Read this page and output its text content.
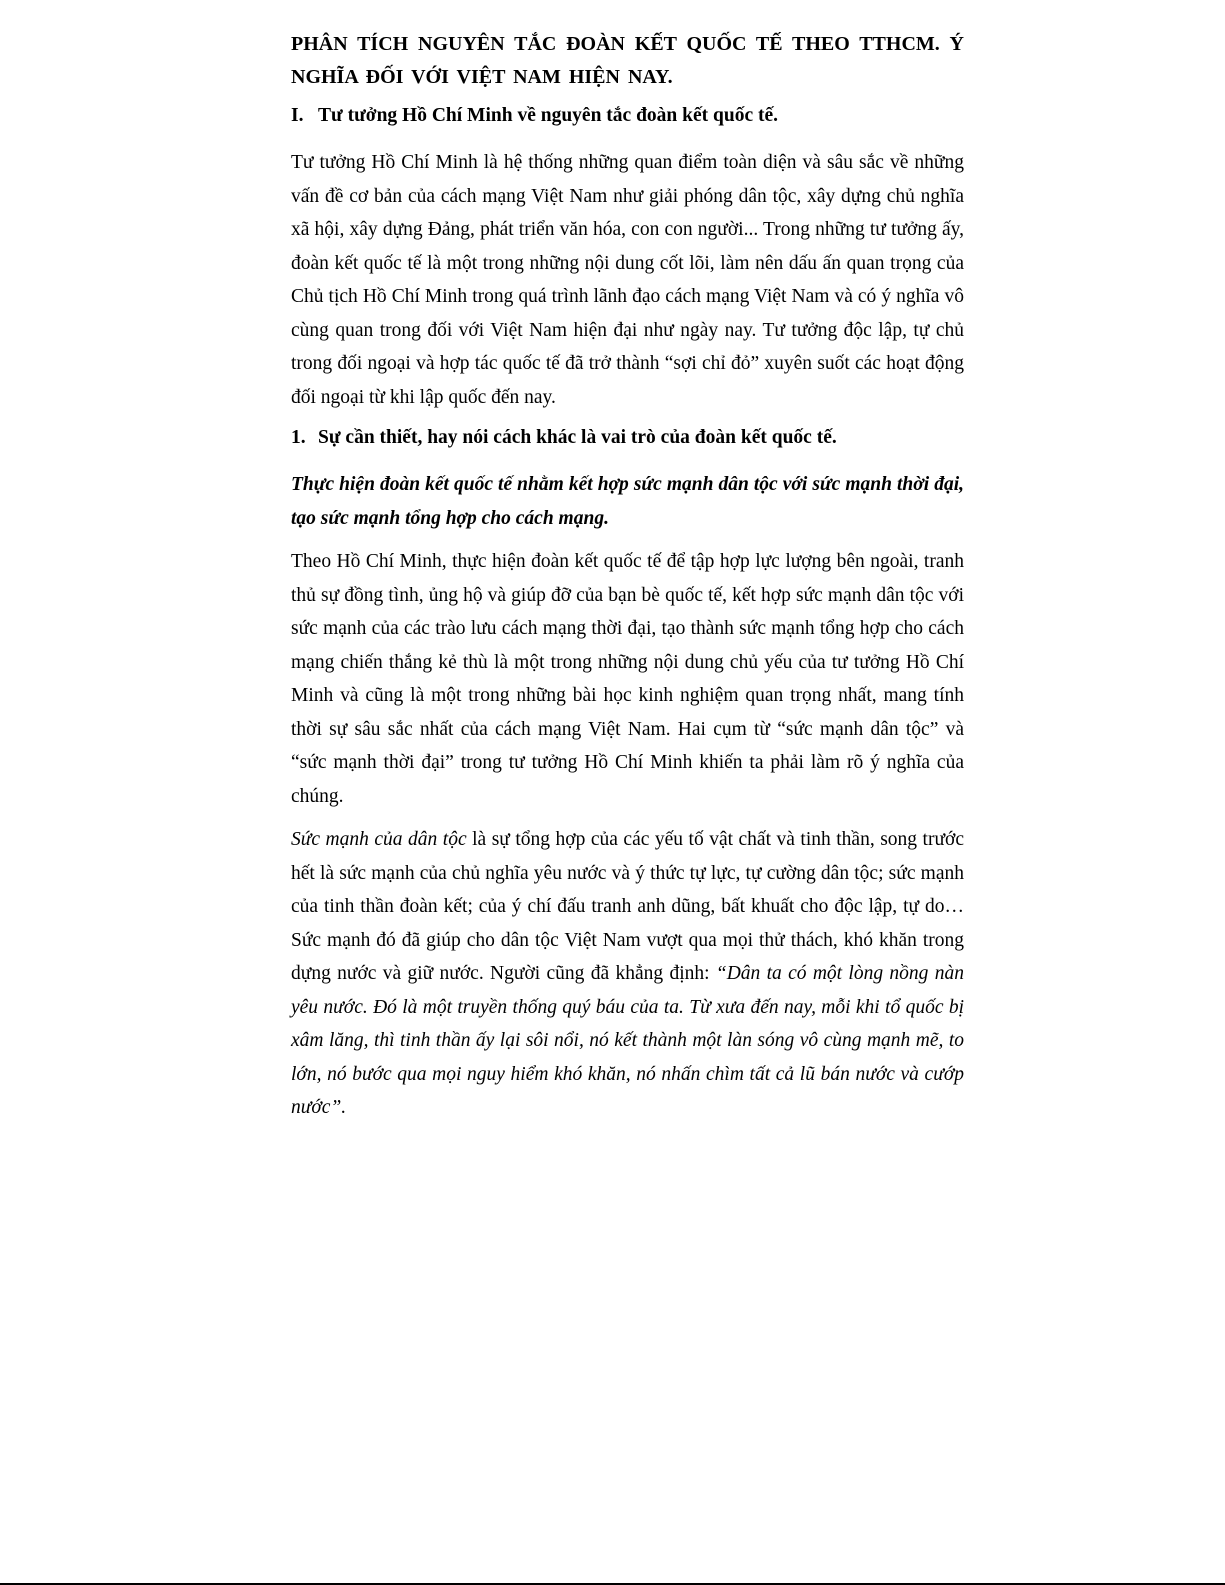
PHÂN TÍCH NGUYÊN TẮC ĐOÀN KẾT QUỐC TẾ THEO TTHCM. Ý NGHĨA ĐỐI VỚI VIỆT NAM HIỆN NAY.
I. Tư tưởng Hồ Chí Minh về nguyên tắc đoàn kết quốc tế.

Tư tưởng Hồ Chí Minh là hệ thống những quan điểm toàn diện và sâu sắc về những vấn đề cơ bản của cách mạng Việt Nam như giải phóng dân tộc, xây dựng chủ nghĩa xã hội, xây dựng Đảng, phát triển văn hóa, con con người... Trong những tư tưởng ấy, đoàn kết quốc tế là một trong những nội dung cốt lõi, làm nên dấu ấn quan trọng của Chủ tịch Hồ Chí Minh trong quá trình lãnh đạo cách mạng Việt Nam và có ý nghĩa vô cùng quan trong đối với Việt Nam hiện đại như ngày nay. Tư tưởng độc lập, tự chủ trong đối ngoại và hợp tác quốc tế đã trở thành “sợi chỉ đỏ” xuyên suốt các hoạt động đối ngoại từ khi lập quốc đến nay.

1. Sự cần thiết, hay nói cách khác là vai trò của đoàn kết quốc tế.

Thực hiện đoàn kết quốc tế nhằm kết hợp sức mạnh dân tộc với sức mạnh thời đại, tạo sức mạnh tổng hợp cho cách mạng.

Theo Hồ Chí Minh, thực hiện đoàn kết quốc tế để tập hợp lực lượng bên ngoài, tranh thủ sự đồng tình, ủng hộ và giúp đỡ của bạn bè quốc tế, kết hợp sức mạnh dân tộc với sức mạnh của các trào lưu cách mạng thời đại, tạo thành sức mạnh tổng hợp cho cách mạng chiến thắng kẻ thù là một trong những nội dung chủ yếu của tư tưởng Hồ Chí Minh và cũng là một trong những bài học kinh nghiệm quan trọng nhất, mang tính thời sự sâu sắc nhất của cách mạng Việt Nam. Hai cụm từ “sức mạnh dân tộc” và “sức mạnh thời đại” trong tư tưởng Hồ Chí Minh khiến ta phải làm rõ ý nghĩa của chúng.

Sức mạnh của dân tộc là sự tổng hợp của các yếu tố vật chất và tinh thần, song trước hết là sức mạnh của chủ nghĩa yêu nước và ý thức tự lực, tự cường dân tộc; sức mạnh của tinh thần đoàn kết; của ý chí đấu tranh anh dũng, bất khuất cho độc lập, tự do… Sức mạnh đó đã giúp cho dân tộc Việt Nam vượt qua mọi thử thách, khó khăn trong dựng nước và giữ nước. Người cũng đã khẳng định: “Dân ta có một lòng nồng nàn yêu nước. Đó là một truyền thống quý báu của ta. Từ xưa đến nay, mỗi khi tổ quốc bị xâm lăng, thì tinh thần ấy lại sôi nổi, nó kết thành một làn sóng vô cùng mạnh mẽ, to lớn, nó bước qua mọi nguy hiểm khó khăn, nó nhấn chìm tất cả lũ bán nước và cướp nước”.
